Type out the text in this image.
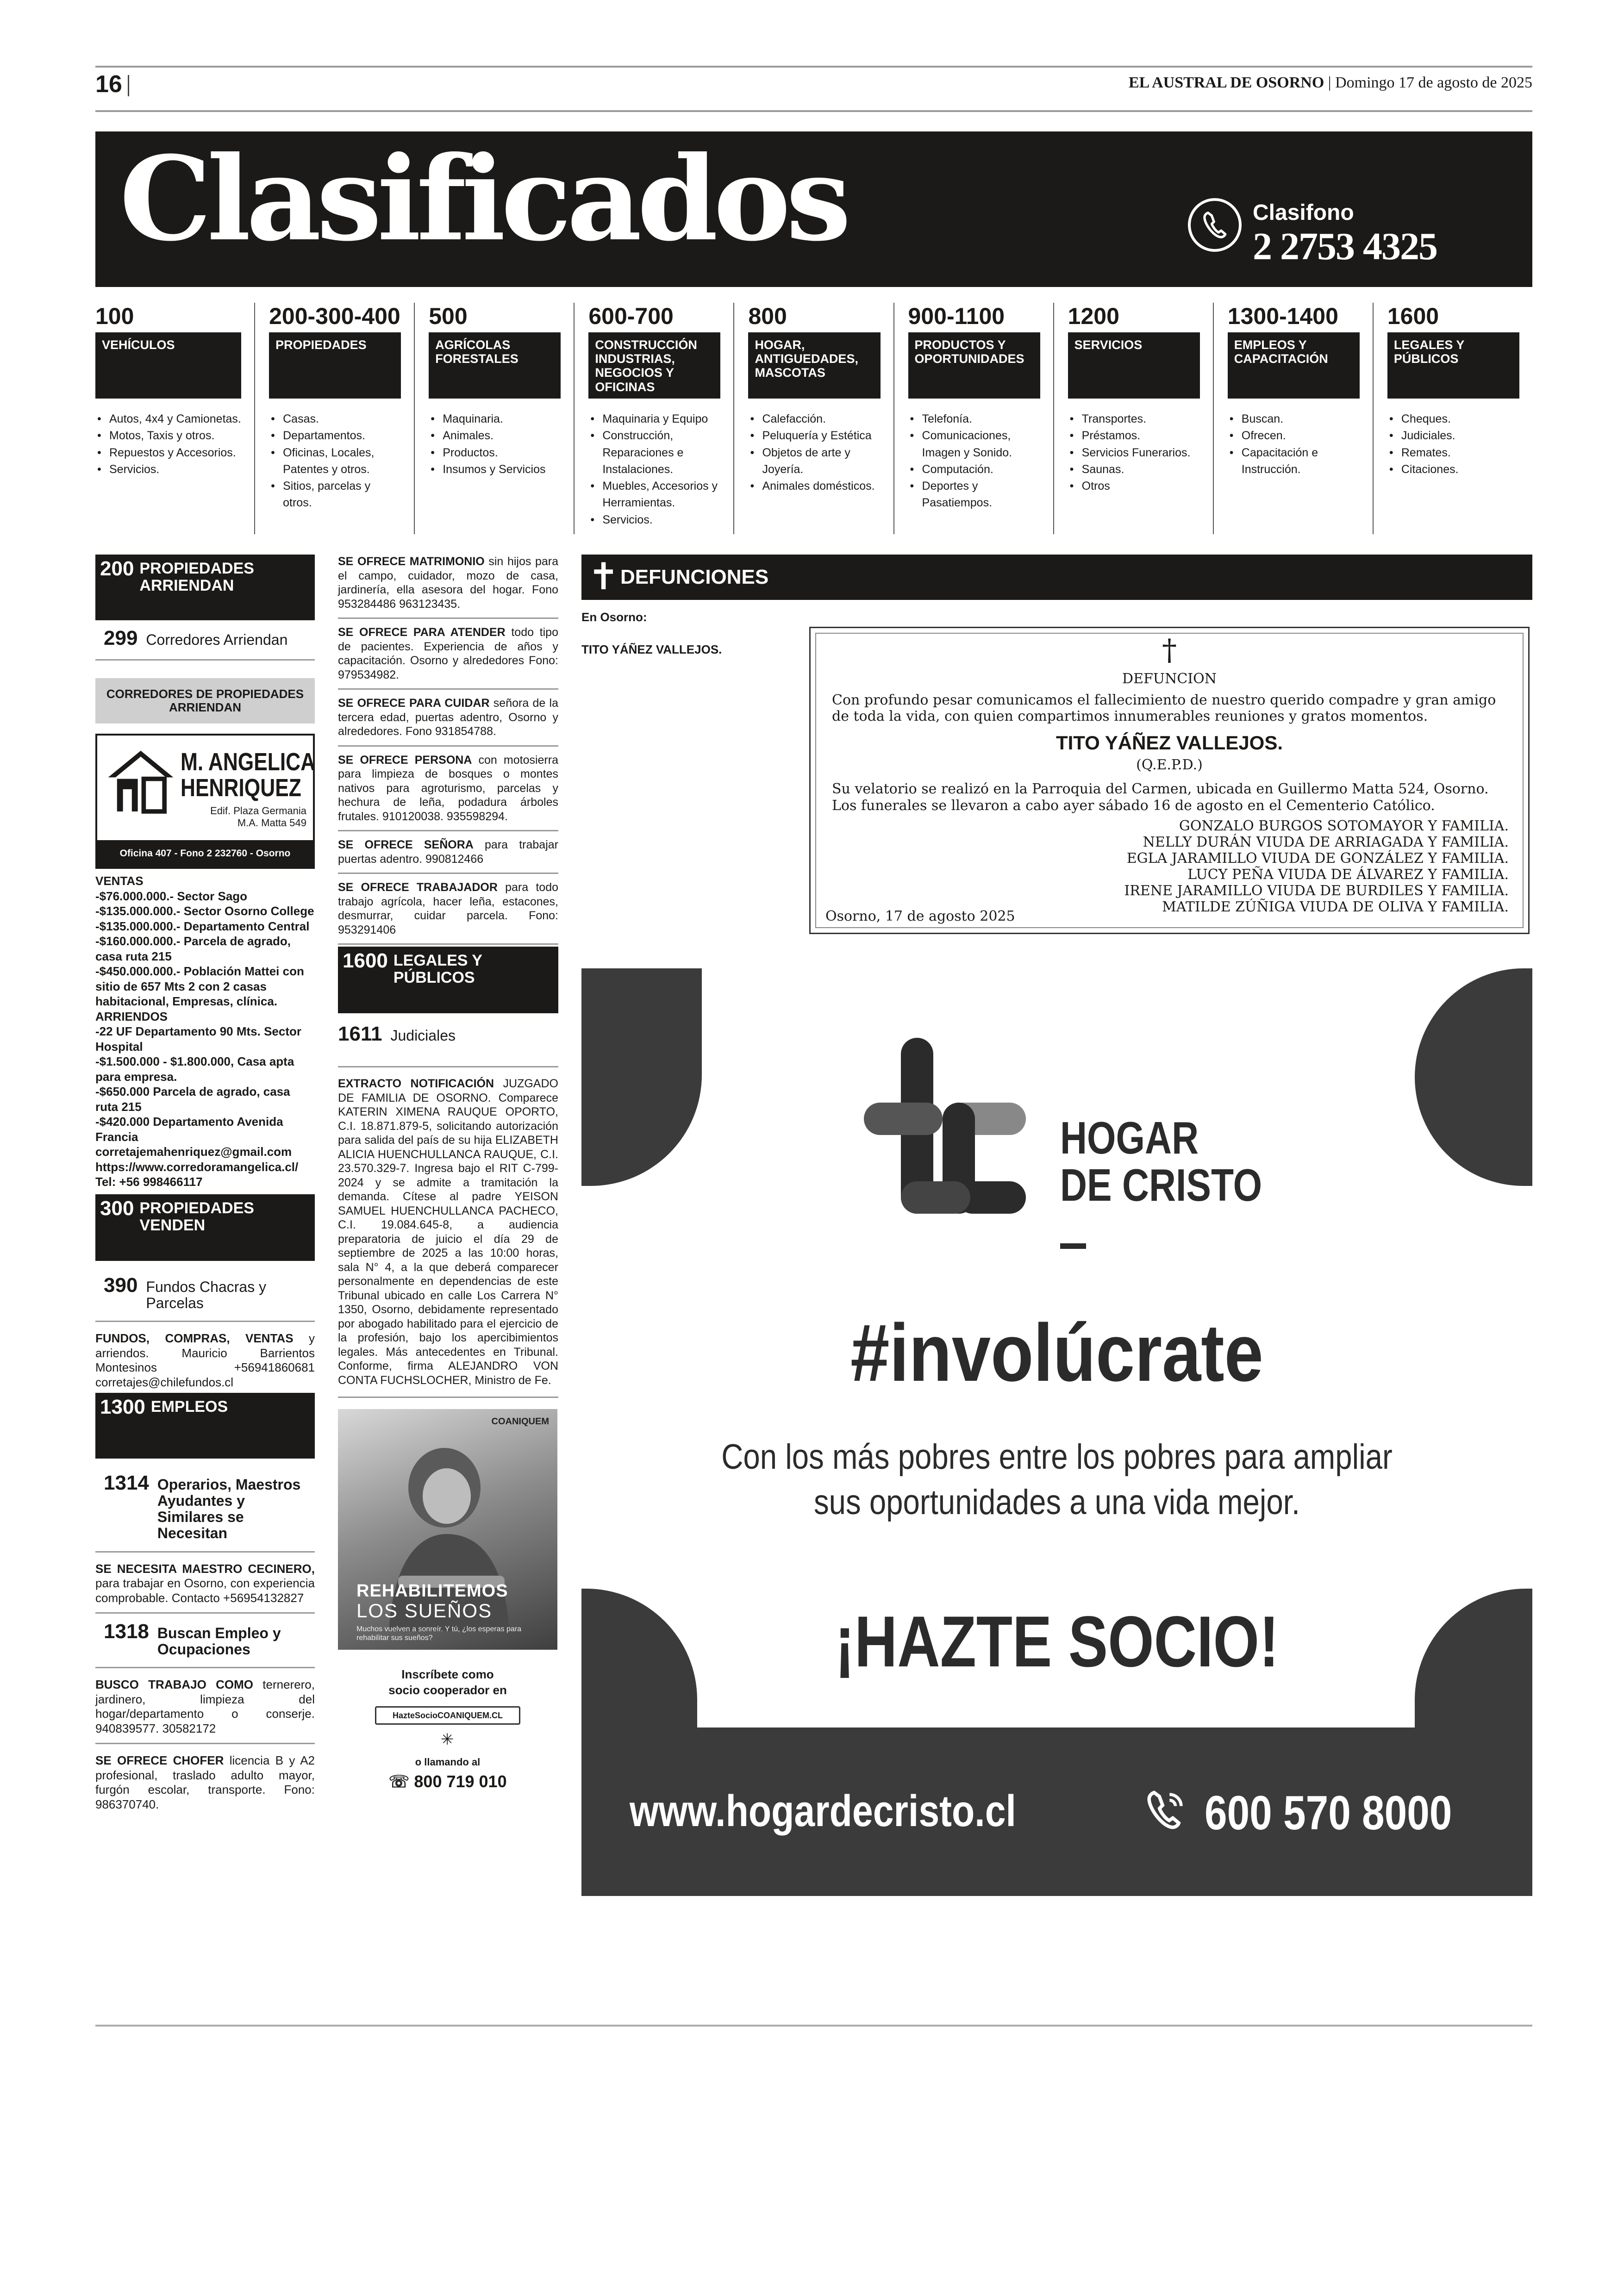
16	EL AUSTRAL DE OSORNO | Domingo 17 de agosto de 2025
Clasificados	Clasifono
2 2753 4325
100
VEHÍCULOS
• Autos, 4x4 y Camionetas.
• Motos, Taxis y otros.
• Repuestos y Accesorios.
• Servicios.
200-300-400
PROPIEDADES
• Casas.
• Departamentos.
• Oficinas, Locales, Patentes y otros.
• Sitios, parcelas y otros.
500
AGRÍCOLAS FORESTALES
• Maquinaria.
• Animales.
• Productos.
• Insumos y Servicios
600-700
CONSTRUCCIÓN INDUSTRIAS, NEGOCIOS Y OFICINAS
• Maquinaria y Equipo
• Construcción, Reparaciones e Instalaciones.
• Muebles, Accesorios y Herramientas.
• Servicios.
800
HOGAR, ANTIGUEDADES, MASCOTAS
• Calefacción.
• Peluquería y Estética
• Objetos de arte y Joyería.
• Animales domésticos.
900-1100
PRODUCTOS Y OPORTUNIDADES
• Telefonía.
• Comunicaciones, Imagen y Sonido.
• Computación.
• Deportes y Pasatiempos.
1200
SERVICIOS
• Transportes.
• Préstamos.
• Servicios Funerarios.
• Saunas.
• Otros
1300-1400
EMPLEOS Y CAPACITACIÓN
• Buscan.
• Ofrecen.
• Capacitación e Instrucción.
1600
LEGALES Y PÚBLICOS
• Cheques.
• Judiciales.
• Remates.
• Citaciones.
200 PROPIEDADES ARRIENDAN
299 Corredores Arriendan
CORREDORES DE PROPIEDADES ARRIENDAN
M. ANGELICA
HENRIQUEZ
Edif. Plaza Germania
M.A. Matta 549
Oficina 407 - Fono 2 232760 - Osorno
VENTAS
-$76.000.000.- Sector Sago
-$135.000.000.- Sector Osorno College
-$135.000.000.- Departamento Central
-$160.000.000.- Parcela de agrado, casa ruta 215
-$450.000.000.- Población Mattei con sitio de 657 Mts 2 con 2 casas habitacional, Empresas, clínica.
ARRIENDOS
-22 UF Departamento 90 Mts. Sector Hospital
-$1.500.000 - $1.800.000, Casa apta para empresa.
-$650.000 Parcela de agrado, casa ruta 215
-$420.000 Departamento Avenida Francia
corretajemahenriquez@gmail.com
https://www.corredoramangelica.cl/
Tel: +56 998466117
300 PROPIEDADES VENDEN
390 Fundos Chacras y Parcelas
FUNDOS, COMPRAS, VENTAS y arriendos. Mauricio Barrientos Montesinos +56941860681 corretajes@chilefundos.cl
1300 EMPLEOS
1314 Operarios, Maestros Ayudantes y Similares se Necesitan
SE NECESITA MAESTRO CECINERO, para trabajar en Osorno, con experiencia comprobable. Contacto +56954132827
1318 Buscan Empleo y Ocupaciones
BUSCO TRABAJO COMO ternerero, jardinero, limpieza del hogar/departamento o conserje. 940839577. 30582172
SE OFRECE CHOFER licencia B y A2 profesional, traslado adulto mayor, furgón escolar, transporte. Fono: 986370740.
SE OFRECE MATRIMONIO sin hijos para el campo, cuidador, mozo de casa, jardinería, ella asesora del hogar. Fono 953284486 963123435.
SE OFRECE PARA ATENDER todo tipo de pacientes. Experiencia de años y capacitación. Osorno y alrededores Fono: 979534982.
SE OFRECE PARA CUIDAR señora de la tercera edad, puertas adentro, Osorno y alrededores. Fono 931854788.
SE OFRECE PERSONA con motosierra para limpieza de bosques o montes nativos para agroturismo, parcelas y hechura de leña, podadura árboles frutales. 910120038. 935598294.
SE OFRECE SEÑORA para trabajar puertas adentro. 990812466
SE OFRECE TRABAJADOR para todo trabajo agrícola, hacer leña, estacones, desmurrar, cuidar parcela. Fono: 953291406
1600 LEGALES Y PÚBLICOS
1611 Judiciales
EXTRACTO NOTIFICACIÓN JUZGADO DE FAMILIA DE OSORNO. Comparece KATERIN XIMENA RAUQUE OPORTO, C.I. 18.871.879-5, solicitando autorización para salida del país de su hija ELIZABETH ALICIA HUENCHULLANCA RAUQUE, C.I. 23.570.329-7. Ingresa bajo el RIT C-799-2024 y se admite a tramitación la demanda. Cítese al padre YEISON SAMUEL HUENCHULLANCA PACHECO, C.I. 19.084.645-8, a audiencia preparatoria de juicio el día 29 de septiembre de 2025 a las 10:00 horas, sala N° 4, a la que deberá comparecer personalmente en dependencias de este Tribunal ubicado en calle Los Carrera N° 1350, Osorno, debidamente representado por abogado habilitado para el ejercicio de la profesión, bajo los apercibimientos legales. Más antecedentes en Tribunal. Conforme, firma ALEJANDRO VON CONTA FUCHSLOCHER, Ministro de Fe.
COANIQUEM
REHABILITEMOS
LOS SUEÑOS
Muchos vuelven a sonreír. Y tú, ¿los esperas para rehabilitar sus sueños?
Inscríbete como
socio cooperador en
HazteSocioCOANIQUEM.CL
✳
o llamando al
☏ 800 719 010
✝ DEFUNCIONES
En Osorno:
TITO YÁÑEZ VALLEJOS.	†
DEFUNCION
Con profundo pesar comunicamos el fallecimiento de nuestro querido compadre y gran amigo de toda la vida, con quien compartimos innumerables reuniones y gratos momentos.
TITO YÁÑEZ VALLEJOS.
(Q.E.P.D.)
Su velatorio se realizó en la Parroquia del Carmen, ubicada en Guillermo Matta 524, Osorno. Los funerales se llevaron a cabo ayer sábado 16 de agosto en el Cementerio Católico.
GONZALO BURGOS SOTOMAYOR Y FAMILIA.
NELLY DURÁN VIUDA DE ARRIAGADA Y FAMILIA.
EGLA JARAMILLO VIUDA DE GONZÁLEZ Y FAMILIA.
LUCY PEÑA VIUDA DE ÁLVAREZ Y FAMILIA.
IRENE JARAMILLO VIUDA DE BURDILES Y FAMILIA.
MATILDE ZÚÑIGA VIUDA DE OLIVA Y FAMILIA.
Osorno, 17 de agosto 2025
HOGAR
DE CRISTO
#involúcrate
Con los más pobres entre los pobres para ampliar
sus oportunidades a una vida mejor.
¡HAZTE SOCIO!
www.hogardecristo.cl	600 570 8000
